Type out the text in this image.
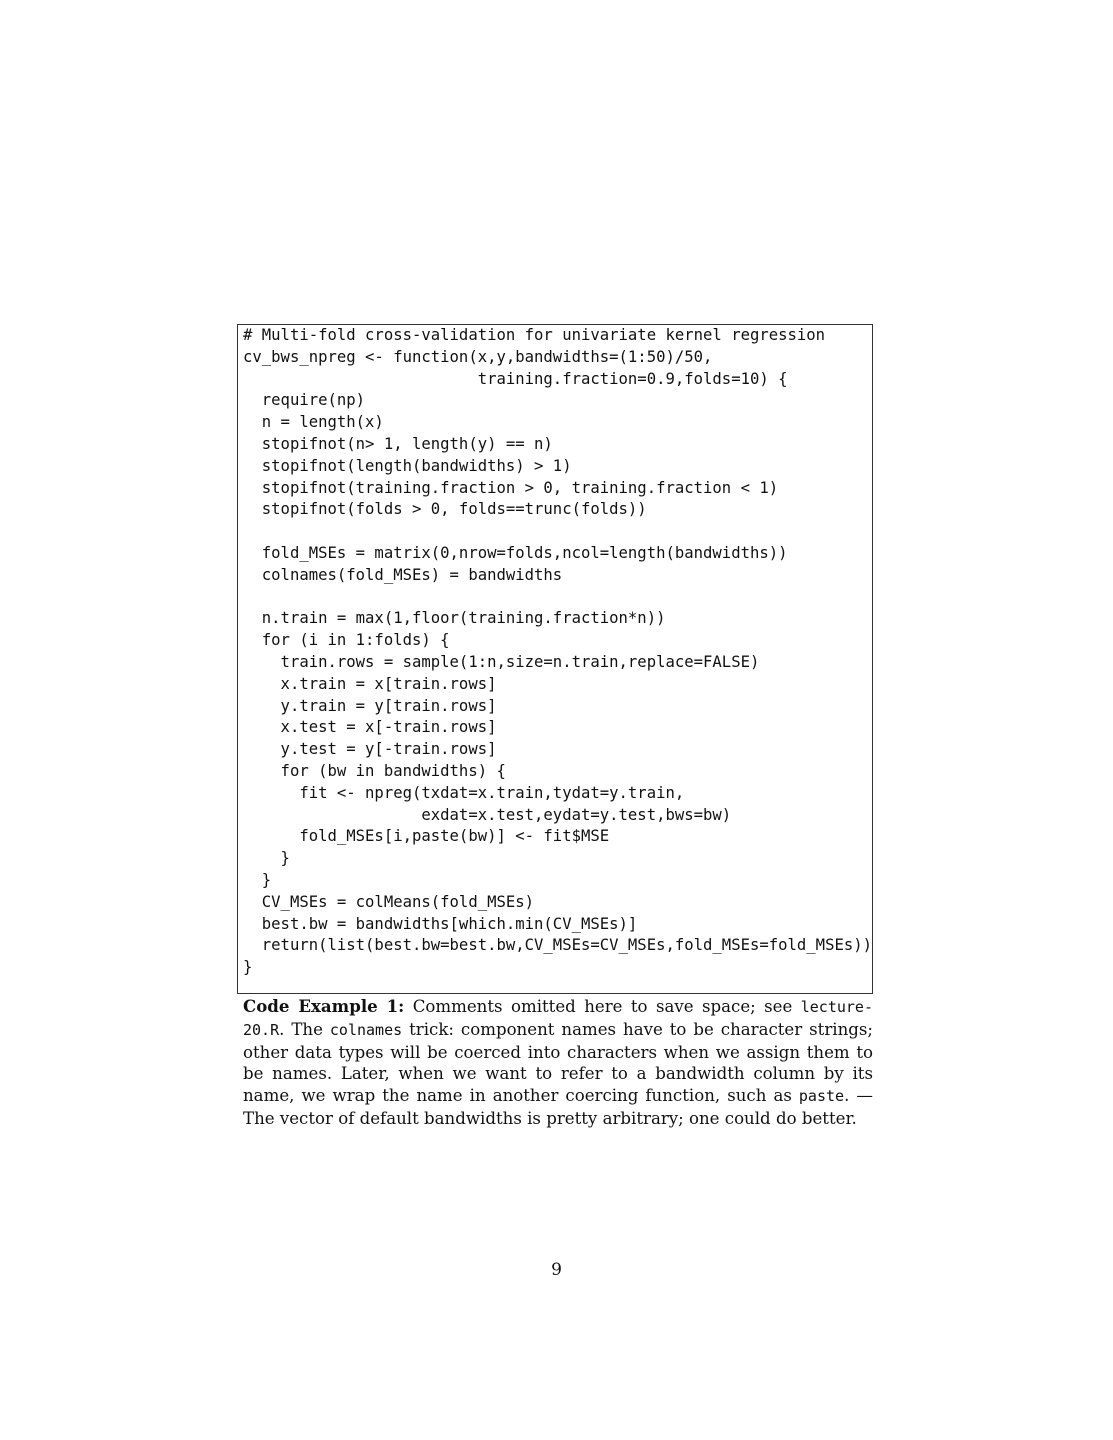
# Multi-fold cross-validation for univariate kernel regression
cv_bws_npreg <- function(x,y,bandwidths=(1:50)/50,
training.fraction=0.9,folds=10) {
require(np)
n = length(x)
stopifnot(n> 1, length(y) == n)
stopifnot(length(bandwidths) > 1)
stopifnot(training.fraction > 0, training.fraction < 1)
stopifnot(folds > 0, folds==trunc(folds))
fold_MSEs = matrix(0,nrow=folds,ncol=length(bandwidths))
colnames(fold_MSEs) = bandwidths
n.train = max(1,floor(training.fraction*n))
for (i in 1:folds) {
train.rows = sample(1:n,size=n.train,replace=FALSE)
x.train = x[train.rows]
y.train = y[train.rows]
x.test = x[-train.rows]
y.test = y[-train.rows]
for (bw in bandwidths) {
fit <- npreg(txdat=x.train,tydat=y.train,
exdat=x.test,eydat=y.test,bws=bw)
fold_MSEs[i,paste(bw)] <- fit$MSE
}
}
CV_MSEs = colMeans(fold_MSEs)
best.bw = bandwidths[which.min(CV_MSEs)]
return(list(best.bw=best.bw,CV_MSEs=CV_MSEs,fold_MSEs=fold_MSEs))
}

Code Example 1: Comments omitted here to save space; see lecture-20.R. The colnames trick: component names have to be character strings; other data types will be coerced into characters when we assign them to be names. Later, when we want to refer to a bandwidth column by its name, we wrap the name in another coercing function, such as paste. — The vector of default bandwidths is pretty arbitrary; one could do better.

9
